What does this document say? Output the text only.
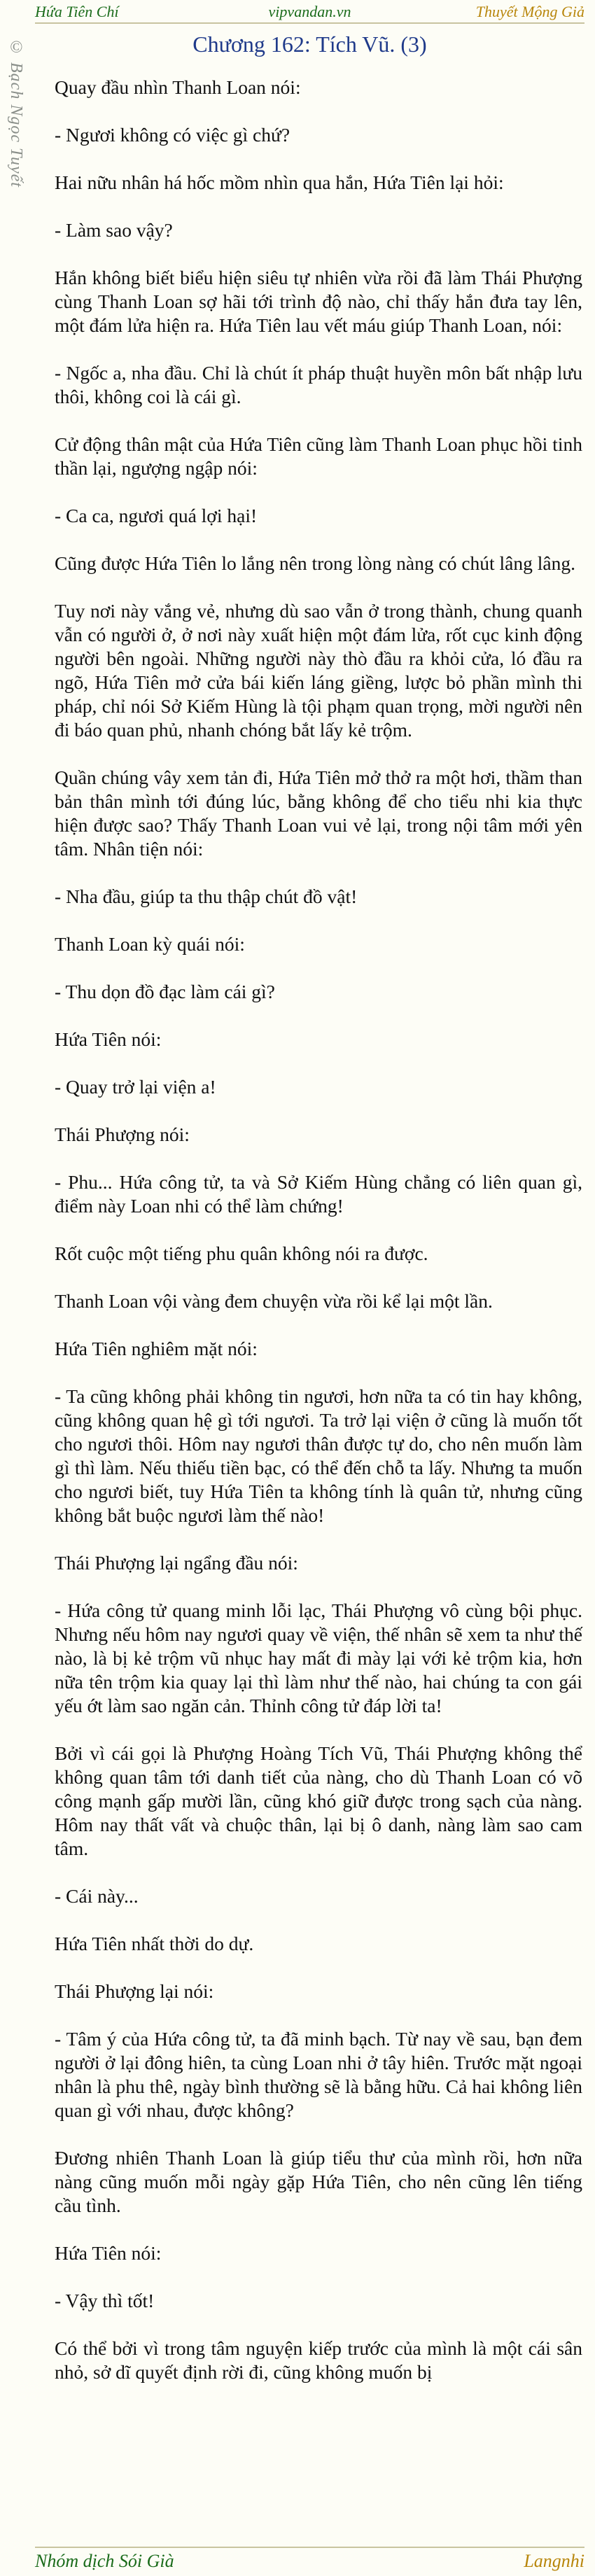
Hứa Tiên Chí	vipvandan.vn	Thuyết Mộng Giả
© Bạch Ngọc Tuyết	Chương 162: Tích Vũ. (3)

Quay đầu nhìn Thanh Loan nói:

- Ngươi không có việc gì chứ?

Hai nữu nhân há hốc mồm nhìn qua hắn, Hứa Tiên lại hỏi:

- Làm sao vậy?

Hắn không biết biểu hiện siêu tự nhiên vừa rồi đã làm Thái Phượng cùng Thanh Loan sợ hãi tới trình độ nào, chỉ thấy hắn đưa tay lên, một đám lửa hiện ra. Hứa Tiên lau vết máu giúp Thanh Loan, nói:

- Ngốc a, nha đầu. Chỉ là chút ít pháp thuật huyền môn bất nhập lưu thôi, không coi là cái gì.

Cử động thân mật của Hứa Tiên cũng làm Thanh Loan phục hồi tinh thần lại, ngượng ngập nói:

- Ca ca, ngươi quá lợi hại!

Cũng được Hứa Tiên lo lắng nên trong lòng nàng có chút lâng lâng.

Tuy nơi này vắng vẻ, nhưng dù sao vẫn ở trong thành, chung quanh vẫn có người ở, ở nơi này xuất hiện một đám lửa, rốt cục kinh động người bên ngoài. Những người này thò đầu ra khỏi cửa, ló đầu ra ngõ, Hứa Tiên mở cửa bái kiến láng giềng, lược bỏ phần mình thi pháp, chỉ nói Sở Kiếm Hùng là tội phạm quan trọng, mời người nên đi báo quan phủ, nhanh chóng bắt lấy kẻ trộm.

Quần chúng vây xem tản đi, Hứa Tiên mở thở ra một hơi, thầm than bản thân mình tới đúng lúc, bằng không để cho tiểu nhi kia thực hiện được sao? Thấy Thanh Loan vui vẻ lại, trong nội tâm mới yên tâm. Nhân tiện nói:

- Nha đầu, giúp ta thu thập chút đồ vật!

Thanh Loan kỳ quái nói:

- Thu dọn đồ đạc làm cái gì?

Hứa Tiên nói:

- Quay trở lại viện a!

Thái Phượng nói:

- Phu... Hứa công tử, ta và Sở Kiếm Hùng chẳng có liên quan gì, điểm này Loan nhi có thể làm chứng!

Rốt cuộc một tiếng phu quân không nói ra được.

Thanh Loan vội vàng đem chuyện vừa rồi kể lại một lần.

Hứa Tiên nghiêm mặt nói:

- Ta cũng không phải không tin ngươi, hơn nữa ta có tin hay không, cũng không quan hệ gì tới ngươi. Ta trở lại viện ở cũng là muốn tốt cho ngươi thôi. Hôm nay ngươi thân được tự do, cho nên muốn làm gì thì làm. Nếu thiếu tiền bạc, có thể đến chỗ ta lấy. Nhưng ta muốn cho ngươi biết, tuy Hứa Tiên ta không tính là quân tử, nhưng cũng không bắt buộc ngươi làm thế nào!

Thái Phượng lại ngẩng đầu nói:

- Hứa công tử quang minh lỗi lạc, Thái Phượng vô cùng bội phục. Nhưng nếu hôm nay ngươi quay về viện, thế nhân sẽ xem ta như thế nào, là bị kẻ trộm vũ nhục hay mất đi mày lại với kẻ trộm kia, hơn nữa tên trộm kia quay lại thì làm như thế nào, hai chúng ta con gái yếu ớt làm sao ngăn cản. Thỉnh công tử đáp lời ta!

Bởi vì cái gọi là Phượng Hoàng Tích Vũ, Thái Phượng không thể không quan tâm tới danh tiết của nàng, cho dù Thanh Loan có võ công mạnh gấp mười lần, cũng khó giữ được trong sạch của nàng. Hôm nay thất vất và chuộc thân, lại bị ô danh, nàng làm sao cam tâm.

- Cái này...

Hứa Tiên nhất thời do dự.

Thái Phượng lại nói:

- Tâm ý của Hứa công tử, ta đã minh bạch. Từ nay về sau, bạn đem người ở lại đông hiên, ta cùng Loan nhi ở tây hiên. Trước mặt ngoại nhân là phu thê, ngày bình thường sẽ là bằng hữu. Cả hai không liên quan gì với nhau, được không?

Đương nhiên Thanh Loan là giúp tiểu thư của mình rồi, hơn nữa nàng cũng muốn mỗi ngày gặp Hứa Tiên, cho nên cũng lên tiếng cầu tình.

Hứa Tiên nói:

- Vậy thì tốt!

Có thể bởi vì trong tâm nguyện kiếp trước của mình là một cái sân nhỏ, sở dĩ quyết định rời đi, cũng không muốn bị

Nhóm dịch Sói Già	Langnhi
